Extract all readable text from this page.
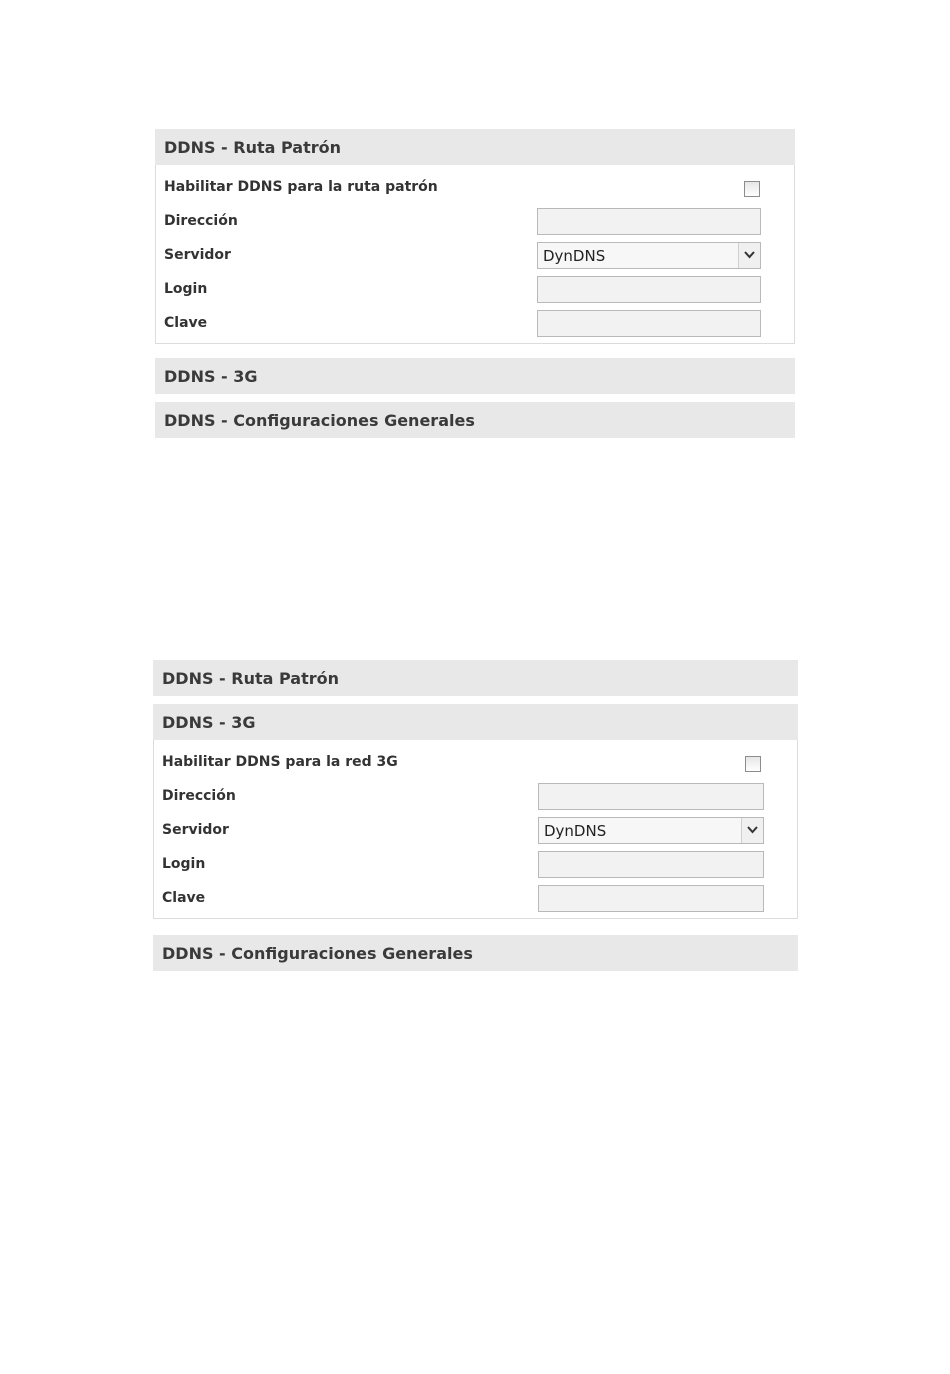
DDNS - Ruta Patrón
Habilitar DDNS para la ruta patrón
Dirección
Servidor	DynDNS
Login
Clave
DDNS - 3G
DDNS - Configuraciones Generales
DDNS - Ruta Patrón
DDNS - 3G
Habilitar DDNS para la red 3G
Dirección
Servidor	DynDNS
Login
Clave
DDNS - Configuraciones Generales
